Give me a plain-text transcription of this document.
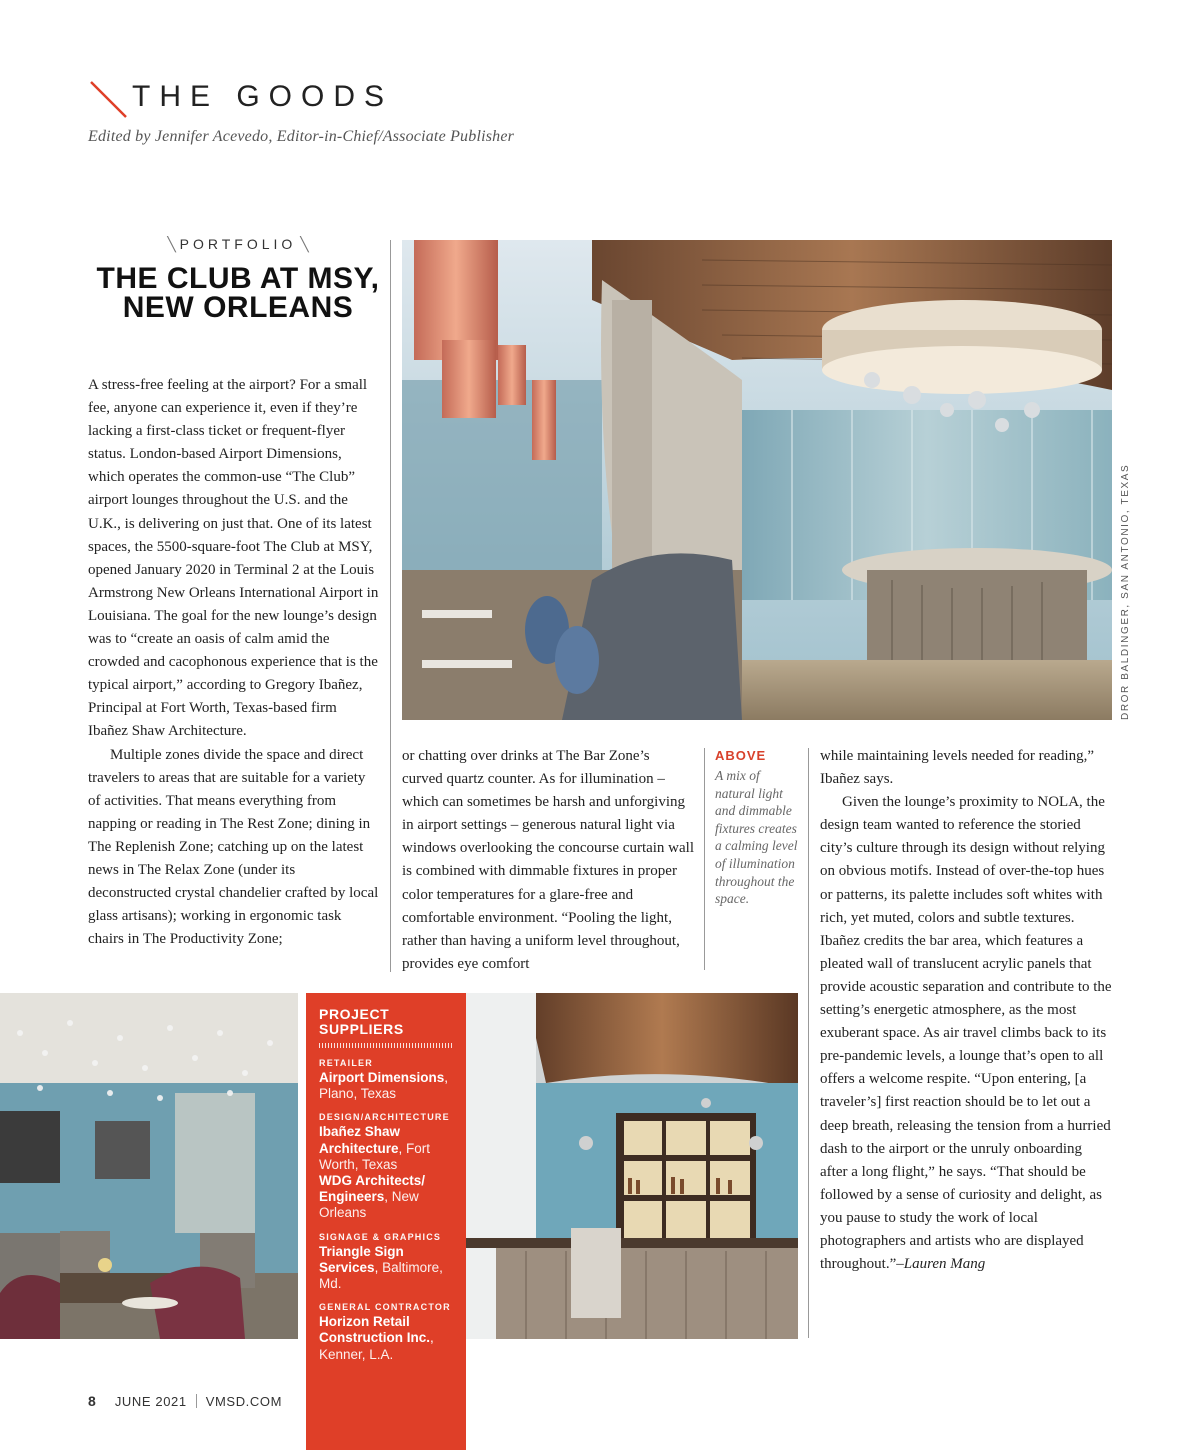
THE GOODS
Edited by Jennifer Acevedo, Editor-in-Chief/Associate Publisher
╲ PORTFOLIO ╲
THE CLUB AT MSY, NEW ORLEANS

A stress-free feeling at the airport? For a small fee, anyone can experience it, even if they’re lacking a first-class ticket or frequent-flyer status. London-based Airport Dimensions, which operates the common-use “The Club” airport lounges throughout the U.S. and the U.K., is delivering on just that. One of its latest spaces, the 5500-square-foot The Club at MSY, opened January 2020 in Terminal 2 at the Louis Armstrong New Orleans International Airport in Louisiana. The goal for the new lounge’s design was to “create an oasis of calm amid the crowded and cacophonous experience that is the typical airport,” according to Gregory Ibañez, Principal at Fort Worth, Texas-based firm Ibañez Shaw Architecture.

Multiple zones divide the space and direct travelers to areas that are suitable for a variety of activities. That means everything from napping or reading in The Rest Zone; dining in The Replenish Zone; catching up on the latest news in The Relax Zone (under its deconstructed crystal chandelier crafted by local glass artisans); working in ergonomic task chairs in The Productivity Zone;

DROR BALDINGER, SAN ANTONIO, TEXAS

or chatting over drinks at The Bar Zone’s curved quartz counter. As for illumination – which can sometimes be harsh and unforgiving in airport settings – generous natural light via windows overlooking the concourse curtain wall is combined with dimmable fixtures in proper color temperatures for a glare-free and comfortable environment. “Pooling the light, rather than having a uniform level throughout, provides eye comfort

ABOVE
A mix of natural light and dimmable fixtures creates a calming level of illumination throughout the space.

while maintaining levels needed for reading,” Ibañez says.

Given the lounge’s proximity to NOLA, the design team wanted to reference the storied city’s culture through its design without relying on obvious motifs. Instead of over-the-top hues or patterns, its palette includes soft whites with rich, yet muted, colors and subtle textures. Ibañez credits the bar area, which features a pleated wall of translucent acrylic panels that provide acoustic separation and contribute to the setting’s energetic atmosphere, as the most exuberant space. As air travel climbs back to its pre-pandemic levels, a lounge that’s open to all offers a welcome respite. “Upon entering, [a traveler’s] first reaction should be to let out a deep breath, releasing the tension from a hurried dash to the airport or the unruly onboarding after a long flight,” he says. “That should be followed by a sense of curiosity and delight, as you pause to study the work of local photographers and artists who are displayed throughout.”–Lauren Mang

PROJECT SUPPLIERS
RETAILER
Airport Dimensions, Plano, Texas
DESIGN/ARCHITECTURE
Ibañez Shaw Architecture, Fort Worth, Texas
WDG Architects/ Engineers, New Orleans
SIGNAGE & GRAPHICS
Triangle Sign Services, Baltimore, Md.
GENERAL CONTRACTOR
Horizon Retail Construction Inc., Kenner, L.A.
8 JUNE 2021 VMSD.COM
